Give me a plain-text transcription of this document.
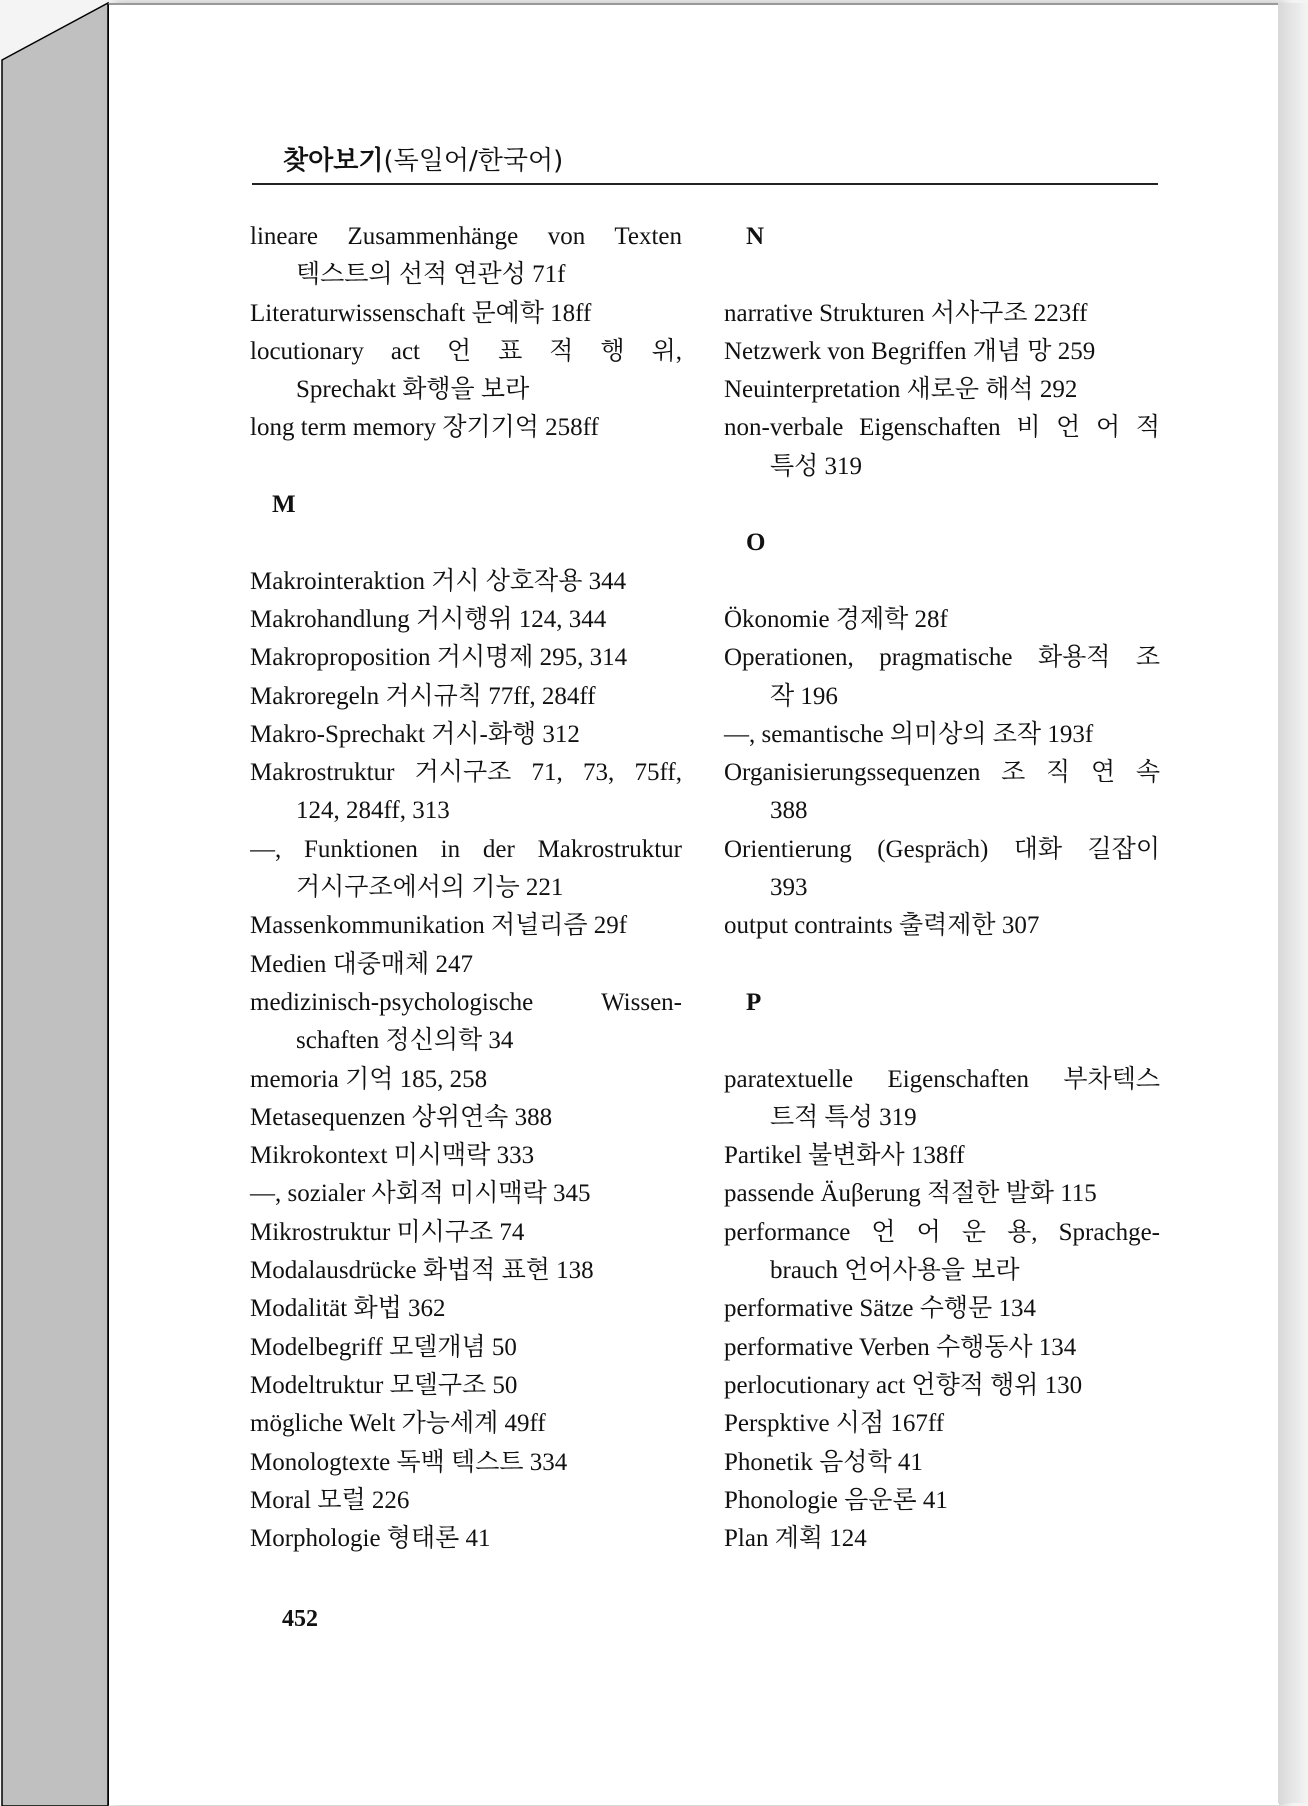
찾아보기(독일어/한국어)
lineare Zusammenhänge von Texten
텍스트의 선적 연관성 71f
Literaturwissenschaft 문예학 18ff
locutionary act 언 표 적 행 위,
Sprechakt 화행을 보라
long term memory 장기기억 258ff
M
Makrointeraktion 거시 상호작용 344
Makrohandlung 거시행위 124, 344
Makroproposition 거시명제 295, 314
Makroregeln 거시규칙 77ff, 284ff
Makro-Sprechakt 거시-화행 312
Makrostruktur 거시구조 71, 73, 75ff,
124, 284ff, 313
—, Funktionen in der Makrostruktur
거시구조에서의 기능 221
Massenkommunikation 저널리즘 29f
Medien 대중매체 247
medizinisch-psychologische Wissen-
schaften 정신의학 34
memoria 기억 185, 258
Metasequenzen 상위연속 388
Mikrokontext 미시맥락 333
—, sozialer 사회적 미시맥락 345
Mikrostruktur 미시구조 74
Modalausdrücke 화법적 표현 138
Modalität 화법 362
Modelbegriff 모델개념 50
Modeltruktur 모델구조 50
mögliche Welt 가능세계 49ff
Monologtexte 독백 텍스트 334
Moral 모럴 226
Morphologie 형태론 41
N
narrative Strukturen 서사구조 223ff
Netzwerk von Begriffen 개념 망 259
Neuinterpretation 새로운 해석 292
non-verbale Eigenschaften 비 언 어 적
특성 319
O
Ökonomie 경제학 28f
Operationen, pragmatische 화용적 조
작 196
—, semantische 의미상의 조작 193f
Organisierungssequenzen 조 직 연 속
388
Orientierung (Gespräch) 대화 길잡이
393
output contraints 출력제한 307
P
paratextuelle Eigenschaften 부차텍스
트적 특성 319
Partikel 불변화사 138ff
passende Äuβerung 적절한 발화 115
performance 언 어 운 용, Sprachge-
brauch 언어사용을 보라
performative Sätze 수행문 134
performative Verben 수행동사 134
perlocutionary act 언향적 행위 130
Perspktive 시점 167ff
Phonetik 음성학 41
Phonologie 음운론 41
Plan 계획 124
452
